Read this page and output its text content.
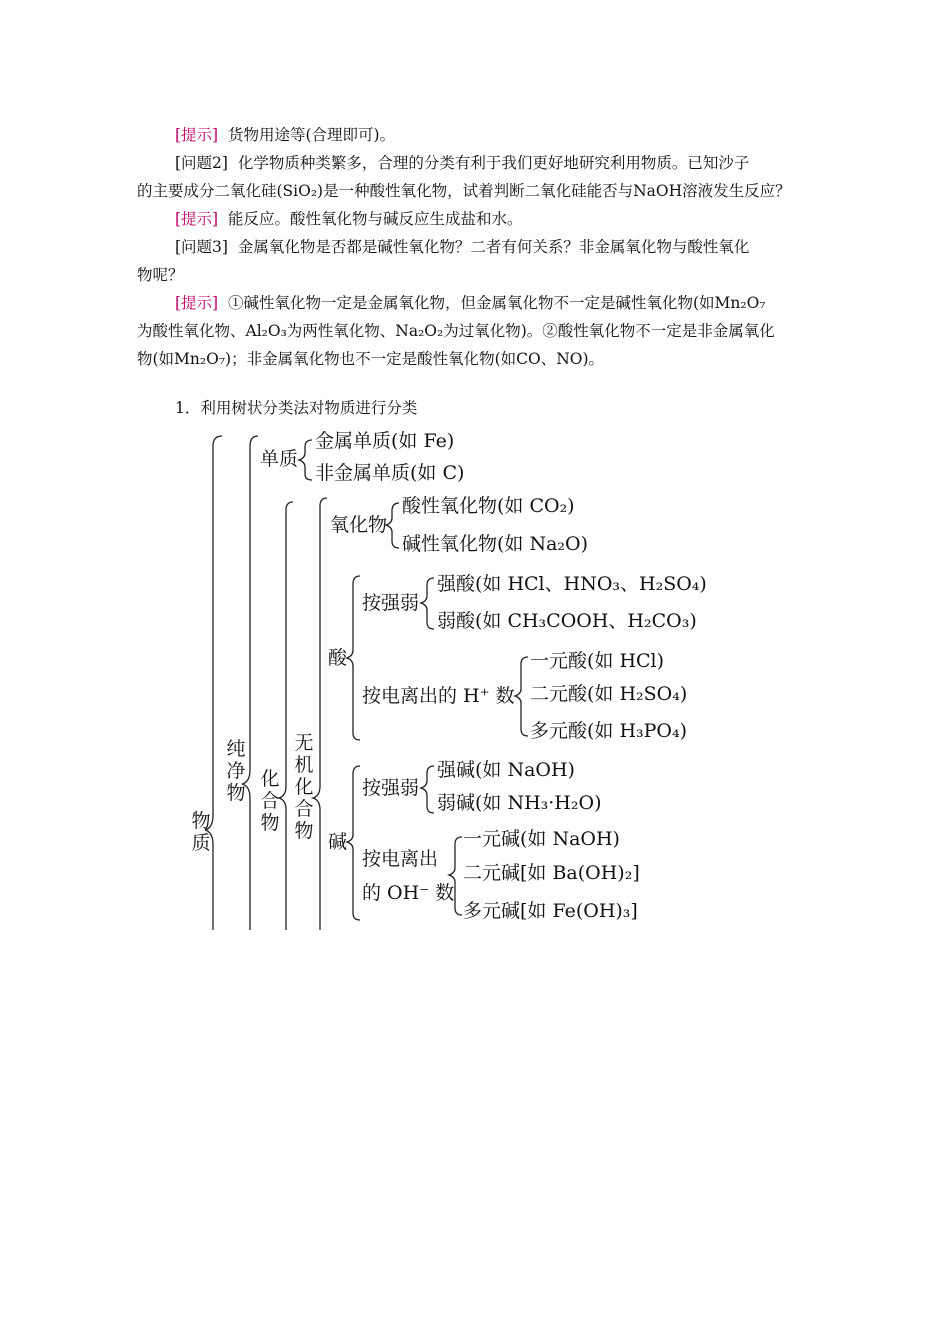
[提示] 货物用途等(合理即可)。
[问题2] 化学物质种类繁多，合理的分类有利于我们更好地研究利用物质。已知沙子
的主要成分二氧化硅(SiO₂)是一种酸性氧化物，试着判断二氧化硅能否与NaOH溶液发生反应？
[提示] 能反应。酸性氧化物与碱反应生成盐和水。
[问题3] 金属氧化物是否都是碱性氧化物？二者有何关系？非金属氧化物与酸性氧化
物呢？
[提示] ①碱性氧化物一定是金属氧化物，但金属氧化物不一定是碱性氧化物(如Mn₂O₇
为酸性氧化物、Al₂O₃为两性氧化物、Na₂O₂为过氧化物)。②酸性氧化物不一定是非金属氧化
物(如Mn₂O₇)；非金属氧化物也不一定是酸性氧化物(如CO、NO)。
1．利用树状分类法对物质进行分类
物质
纯净物
化合物
无机化合物
单质
金属单质(如 Fe)
非金属单质(如 C)
氧化物
酸性氧化物(如 CO₂)
碱性氧化物(如 Na₂O)
酸
按强弱
强酸(如 HCl、HNO₃、H₂SO₄)
弱酸(如 CH₃COOH、H₂CO₃)
按电离出的 H⁺ 数
一元酸(如 HCl)
二元酸(如 H₂SO₄)
多元酸(如 H₃PO₄)
碱
按强弱
强碱(如 NaOH)
弱碱(如 NH₃·H₂O)
按电离出
的 OH⁻ 数
一元碱(如 NaOH)
二元碱[如 Ba(OH)₂]
多元碱[如 Fe(OH)₃]
